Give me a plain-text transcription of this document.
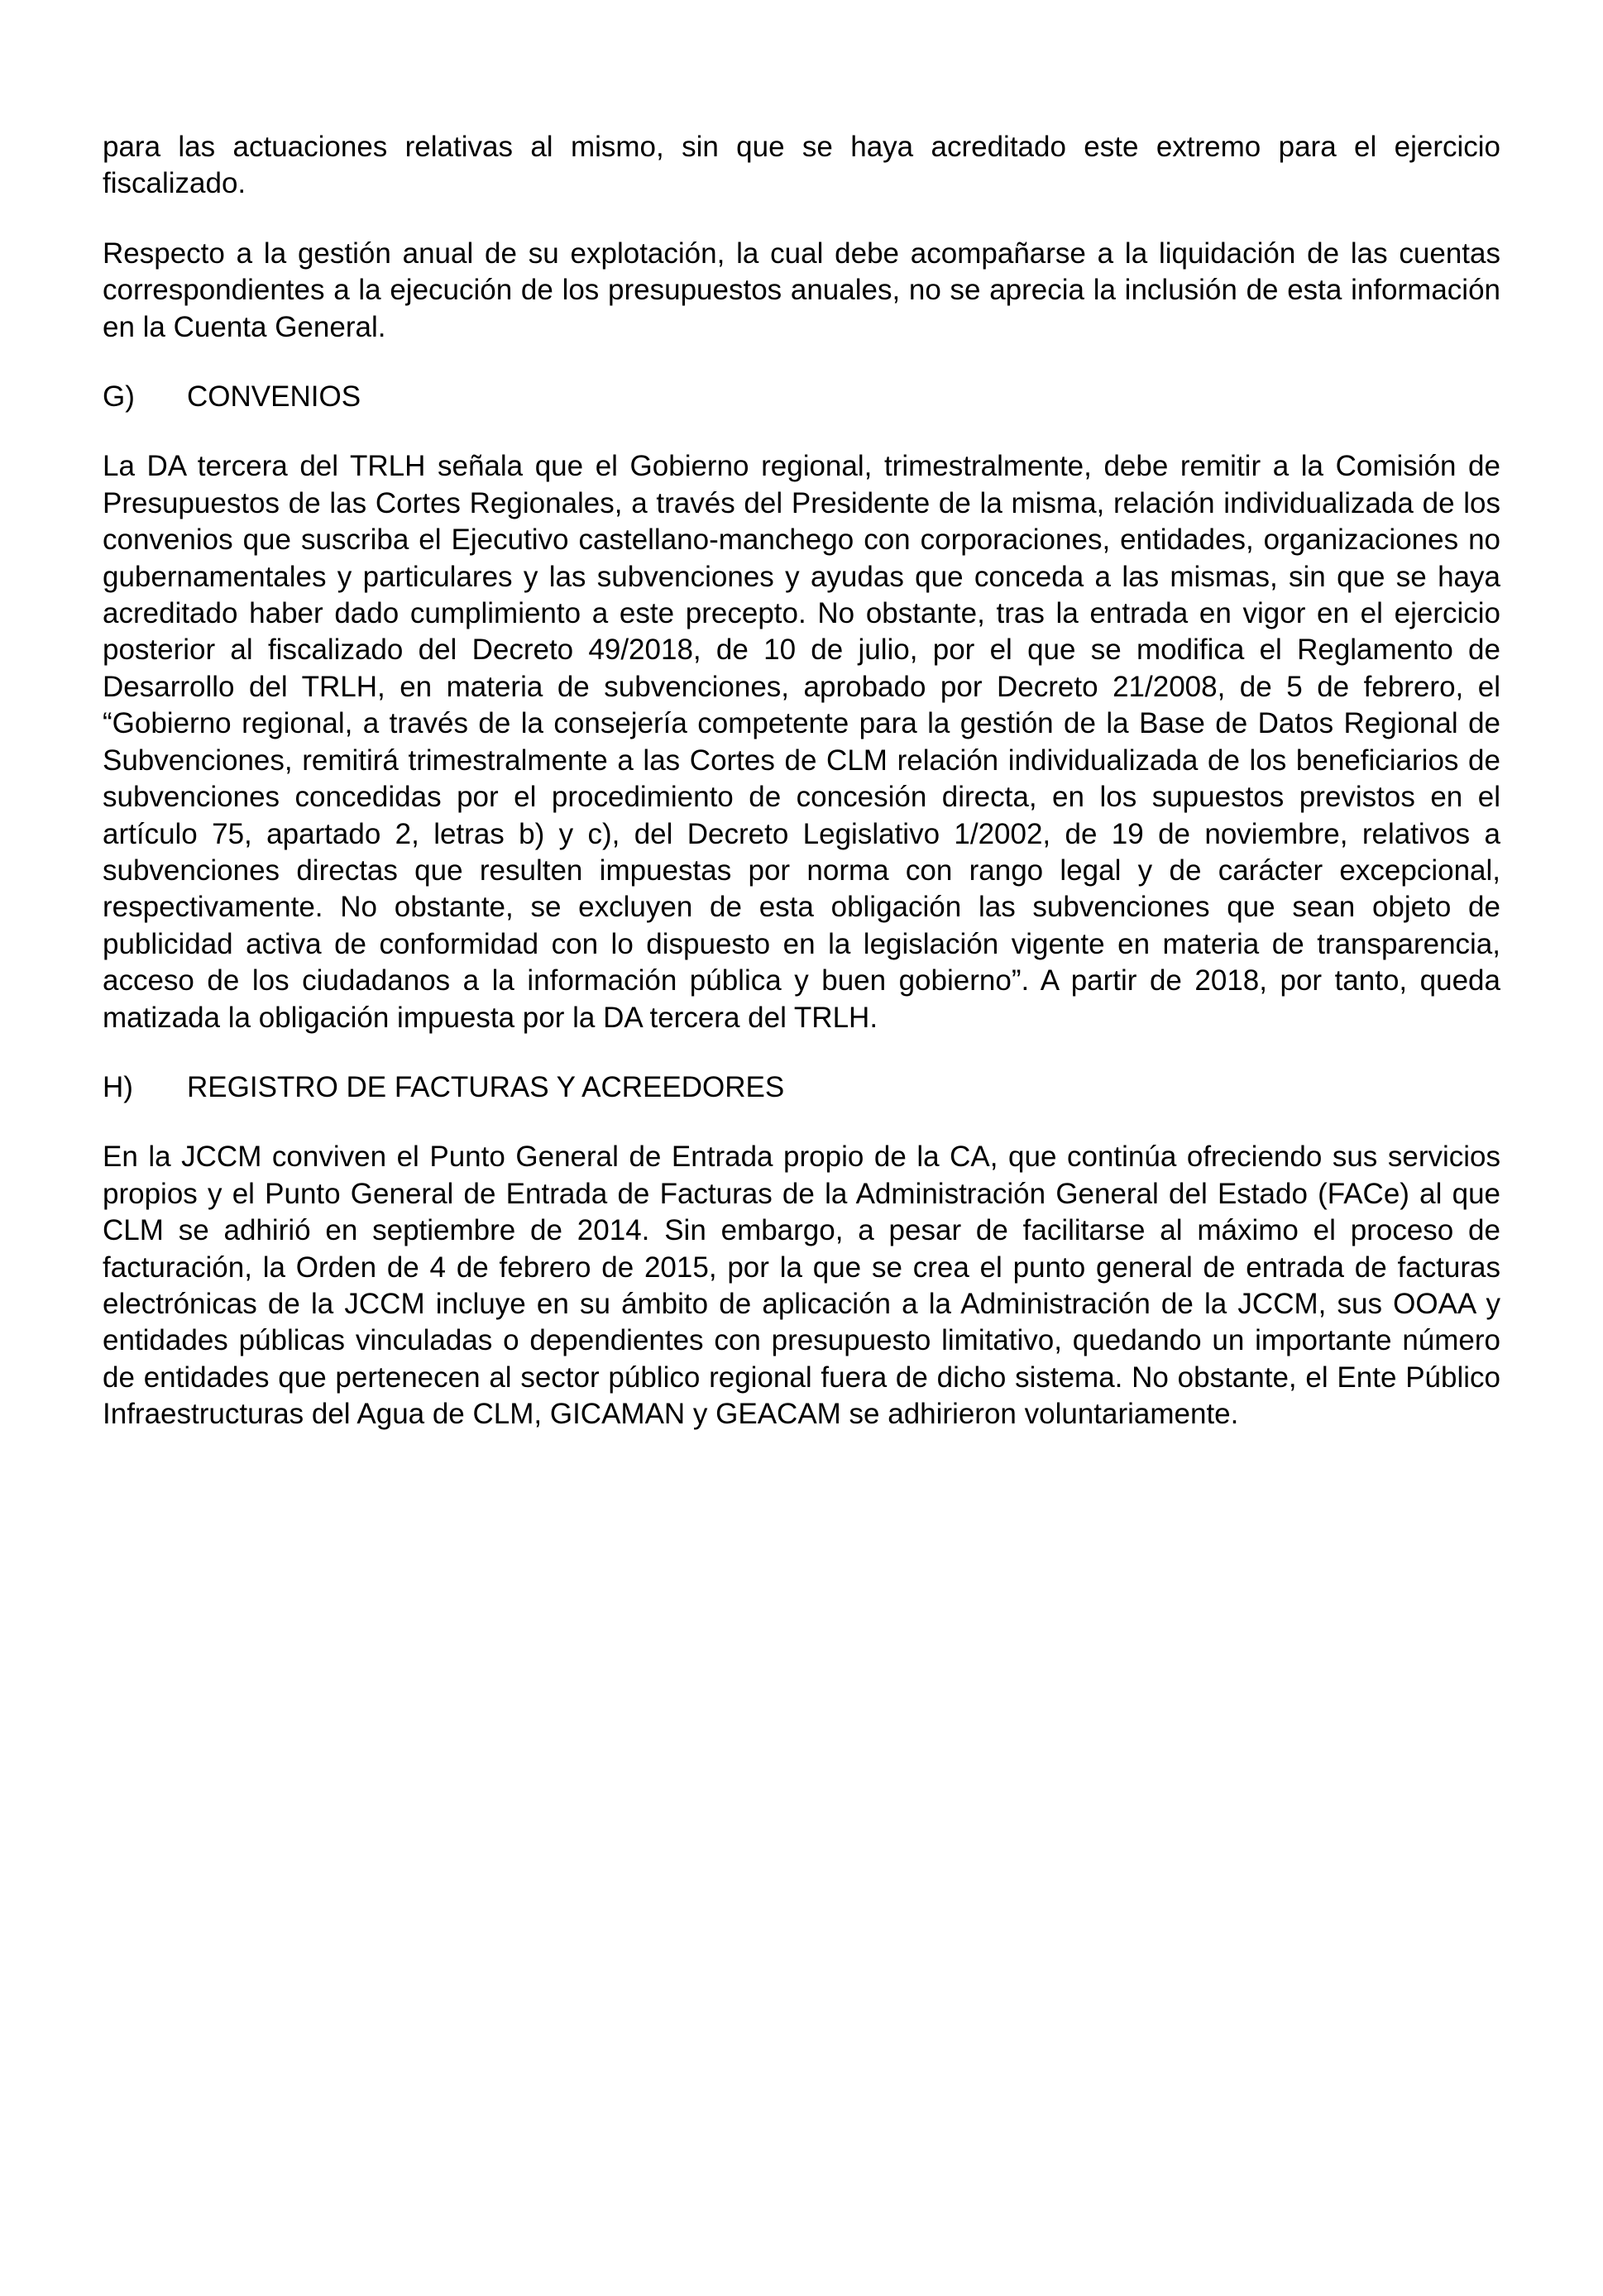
para las actuaciones relativas al mismo, sin que se haya acreditado este extremo para el ejercicio fiscalizado.

Respecto a la gestión anual de su explotación, la cual debe acompañarse a la liquidación de las cuentas correspondientes a la ejecución de los presupuestos anuales, no se aprecia la inclusión de esta información en la Cuenta General.

G)	CONVENIOS

La DA tercera del TRLH señala que el Gobierno regional, trimestralmente, debe remitir a la Comisión de Presupuestos de las Cortes Regionales, a través del Presidente de la misma, relación individualizada de los convenios que suscriba el Ejecutivo castellano-manchego con corporaciones, entidades, organizaciones no gubernamentales y particulares y las subvenciones y ayudas que conceda a las mismas, sin que se haya acreditado haber dado cumplimiento a este precepto. No obstante, tras la entrada en vigor en el ejercicio posterior al fiscalizado del Decreto 49/2018, de 10 de julio, por el que se modifica el Reglamento de Desarrollo del TRLH, en materia de subvenciones, aprobado por Decreto 21/2008, de 5 de febrero, el “Gobierno regional, a través de la consejería competente para la gestión de la Base de Datos Regional de Subvenciones, remitirá trimestralmente a las Cortes de CLM relación individualizada de los beneficiarios de subvenciones concedidas por el procedimiento de concesión directa, en los supuestos previstos en el artículo 75, apartado 2, letras b) y c), del Decreto Legislativo 1/2002, de 19 de noviembre, relativos a subvenciones directas que resulten impuestas por norma con rango legal y de carácter excepcional, respectivamente. No obstante, se excluyen de esta obligación las subvenciones que sean objeto de publicidad activa de conformidad con lo dispuesto en la legislación vigente en materia de transparencia, acceso de los ciudadanos a la información pública y buen gobierno”. A partir de 2018, por tanto, queda matizada la obligación impuesta por la DA tercera del TRLH.

H)	REGISTRO DE FACTURAS Y ACREEDORES

En la JCCM conviven el Punto General de Entrada propio de la CA, que continúa ofreciendo sus servicios propios y el Punto General de Entrada de Facturas de la Administración General del Estado (FACe) al que CLM se adhirió en septiembre de 2014. Sin embargo, a pesar de facilitarse al máximo el proceso de facturación, la Orden de 4 de febrero de 2015, por la que se crea el punto general de entrada de facturas electrónicas de la JCCM incluye en su ámbito de aplicación a la Administración de la JCCM, sus OOAA y entidades públicas vinculadas o dependientes con presupuesto limitativo, quedando un importante número de entidades que pertenecen al sector público regional fuera de dicho sistema. No obstante, el Ente Público Infraestructuras del Agua de CLM, GICAMAN y GEACAM se adhirieron voluntariamente.
